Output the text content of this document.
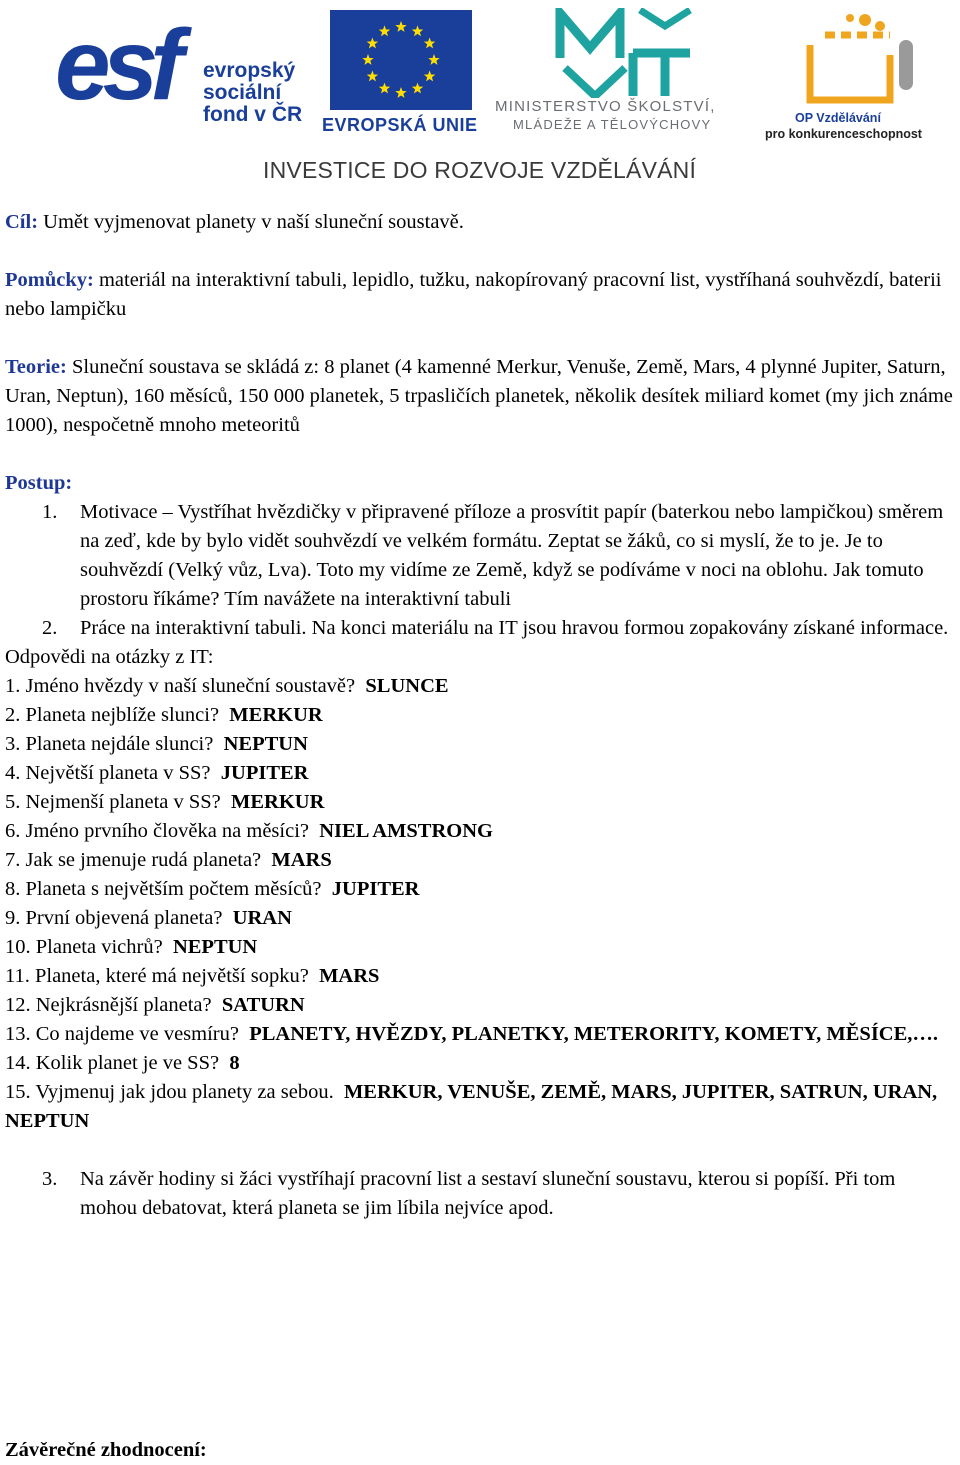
esf evropský
sociální
fond v ČR	EVROPSKÁ UNIE
MINISTERSTVO ŠKOLSTVÍ,
MLÁDEŽE A TĚLOVÝCHOVY	OP Vzdělávání
pro konkurenceschopnost
INVESTICE DO ROZVOJE VZDĚLÁVÁNÍ

Cíl: Umět vyjmenovat planety v naší sluneční soustavě.

Pomůcky: materiál na interaktivní tabuli, lepidlo, tužku, nakopírovaný pracovní list, vystříhaná souhvězdí, baterii nebo lampičku

Teorie: Sluneční soustava se skládá z: 8 planet (4 kamenné Merkur, Venuše, Země, Mars, 4 plynné Jupiter, Saturn, Uran, Neptun), 160 měsíců, 150 000 planetek, 5 trpasličích planetek, několik desítek miliard komet (my jich známe 1000), nespočetně mnoho meteoritů

Postup:

1. Motivace – Vystříhat hvězdičky v připravené příloze a prosvítit papír (baterkou nebo lampičkou) směrem na zeď, kde by bylo vidět souhvězdí ve velkém formátu. Zeptat se žáků, co si myslí, že to je. Je to souhvězdí (Velký vůz, Lva). Toto my vidíme ze Země, když se podíváme v noci na oblohu. Jak tomuto prostoru říkáme? Tím navážete na interaktivní tabuli
2. Práce na interaktivní tabuli. Na konci materiálu na IT jsou hravou formou zopakovány získané informace.

Odpovědi na otázky z IT:

1. Jméno hvězdy v naší sluneční soustavě? SLUNCE

2. Planeta nejblíže slunci? MERKUR

3. Planeta nejdále slunci? NEPTUN

4. Největší planeta v SS? JUPITER

5. Nejmenší planeta v SS? MERKUR

6. Jméno prvního člověka na měsíci? NIEL AMSTRONG

7. Jak se jmenuje rudá planeta? MARS

8. Planeta s největším počtem měsíců? JUPITER

9. První objevená planeta? URAN

10. Planeta vichrů? NEPTUN

11. Planeta, které má největší sopku? MARS

12. Nejkrásnější planeta? SATURN

13. Co najdeme ve vesmíru? PLANETY, HVĚZDY, PLANETKY, METERORITY, KOMETY, MĚSÍCE,….

14. Kolik planet je ve SS? 8

15. Vyjmenuj jak jdou planety za sebou. MERKUR, VENUŠE, ZEMĚ, MARS, JUPITER, SATRUN, URAN, NEPTUN

3. Na závěr hodiny si žáci vystříhají pracovní list a sestaví sluneční soustavu, kterou si popíší. Při tom mohou debatovat, která planeta se jim líbila nejvíce apod.

Závěrečné zhodnocení:
